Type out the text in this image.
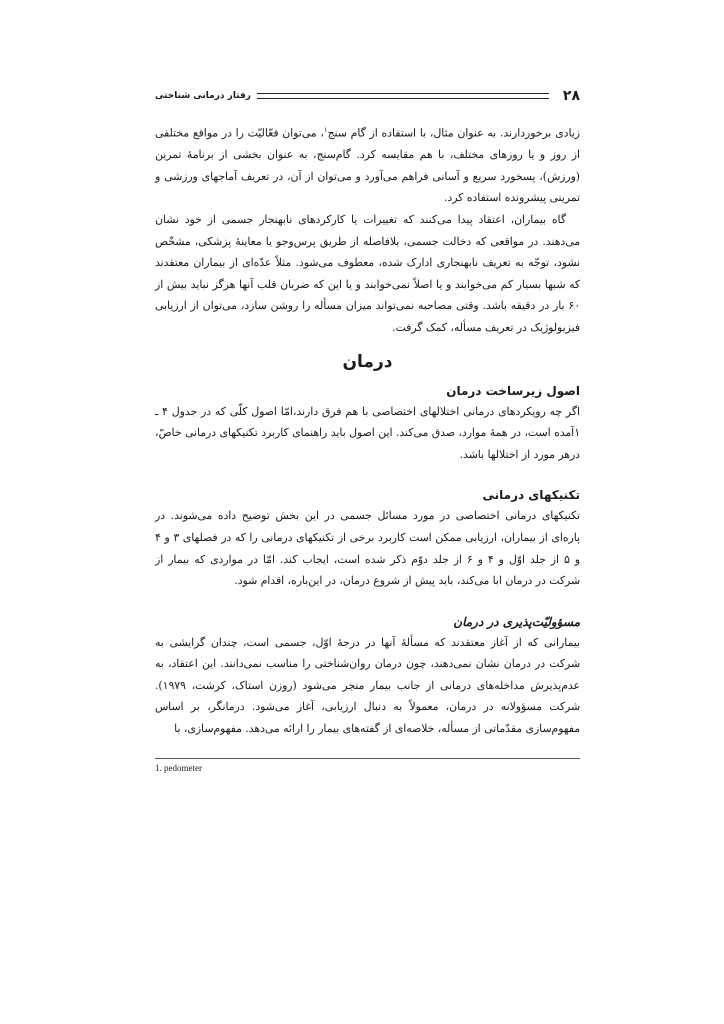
۲۸
رفتار درمانی شناختی

زیادی برخوردارند. به عنوان مثال، با استفاده از گام سنج$^۱$، می‌توان فعّالیّت را در مواقع مختلفی از روز و یا روزهای مختلف، با هم مقایسه کرد. گام‌سنج، به عنوان بخشی از برنامهٔ تمرین (ورزش)، پسخورد سریع و آسانی فراهم می‌آورد و می‌توان از آن، در تعریف آماجهای ورزشی و تمرینی پیشرونده استفاده کرد.

گاه بیماران، اعتقاد پیدا می‌کنند که تغییرات یا کارکردهای نابهنجار جسمی از خود نشان می‌دهند. در مواقعی که دخالت جسمی، بلافاصله از طریق پرس‌وجو یا معاینهٔ پزشکی، مشخّص نشود، توجّه به تعریف نابهنجاری ادارک شده، معطوف می‌شود. مثلاً عدّه‌ای از بیماران معتقدند که شبها بسیار کم می‌خوابند و یا اصلاً نمی‌خوابند و یا این که ضربان قلب آنها هرگز نباید بیش از ۶۰ بار در دقیقه باشد. وقتی مصاحبه نمی‌تواند میزان مسأله را روشن سازد، می‌توان از ارزیابی فیزیولوژیک در تعریف مسأله، کمک گرفت.

درمان
اصول زیرساخت درمان

اگر چه رویکردهای درمانی اختلالهای اختصاصی با هم فرق دارند،امّا اصول کلّی که در جدول ۴ ـ ۱آمده است، در همهٔ موارد، صدق می‌کند. این اصول باید راهنمای کاربرد تکنیکهای درمانی خاصّ، درهر مورد از اختلالها باشد.

تکنیکهای درمانی

تکنیکهای درمانی اختصاصی در مورد مسائل جسمی در این بخش توضیح داده می‌شوند. در پاره‌ای از بیماران، ارزیابی ممکن است کاربرد برخی از تکنیکهای درمانی را که در فصلهای ۳ و ۴ و ۵ از جلد اوّل و ۴ و ۶ از جلد دوّم ذکر شده است، ایجاب کند. امّا در مواردی که بیمار از شرکت در درمان ابا می‌کند، باید پیش از شروع درمان، در این‌باره، اقدام شود.

مسؤولیّت‌پذیری در درمان

بیمارانی که از آغاز معتقدند که مسألهٔ آنها در درجهٔ اوّل، جسمی است، چندان گرایشی به شرکت در درمان نشان نمی‌دهند، چون درمان روان‌شناختی را مناسب نمی‌دانند. این اعتقاد، به عدم‌پذیرش مداخله‌های درمانی از جانب بیمار منجر می‌شود (روزن استاک، کرشت، ۱۹۷۹). شرکت مسؤولانه در درمان، معمولاً به دنبال ارزیابی، آغاز می‌شود. درمانگر، بر اساس مفهوم‌سازی مقدّماتی از مسأله، خلاصه‌ای از گفته‌های بیمار را ارائه می‌دهد. مفهوم‌سازی، با

1. pedometer
